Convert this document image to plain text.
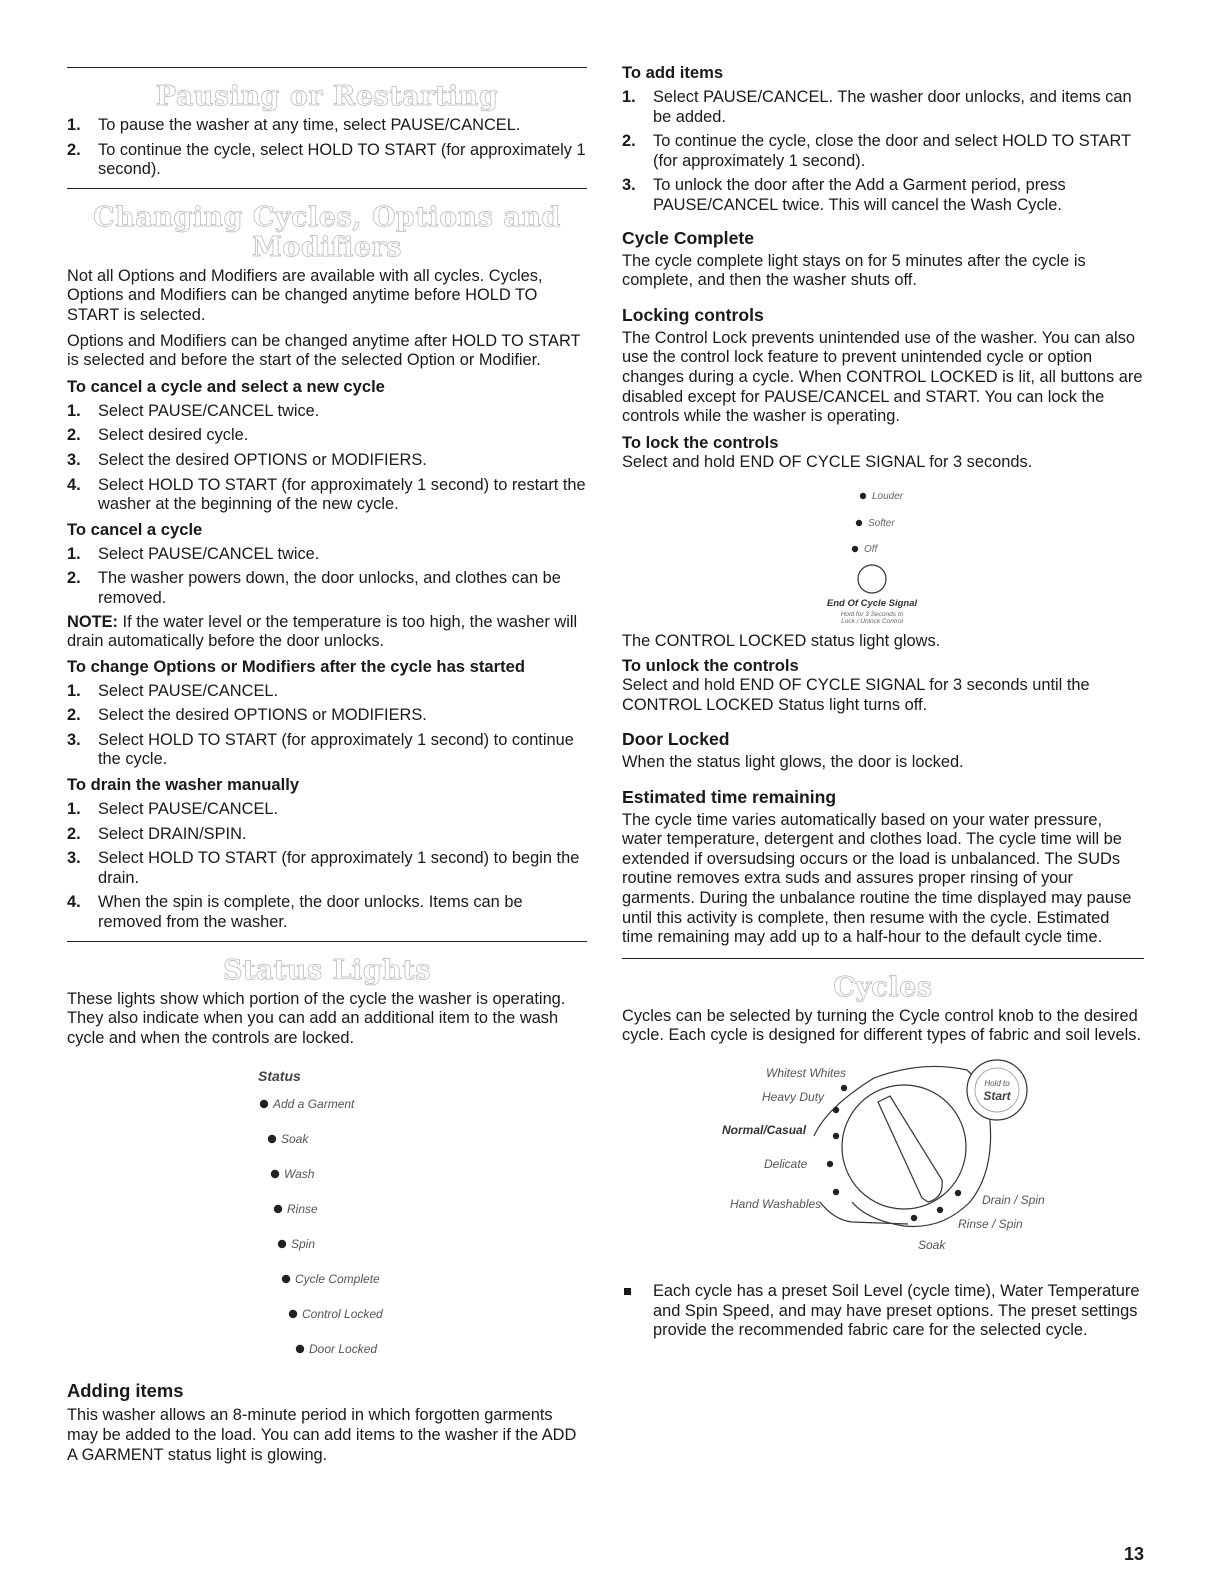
Pausing or Restarting
1. To pause the washer at any time, select PAUSE/CANCEL.
2. To continue the cycle, select HOLD TO START (for approximately 1 second).
Changing Cycles, Options and Modifiers

Not all Options and Modifiers are available with all cycles. Cycles, Options and Modifiers can be changed anytime before HOLD TO START is selected.

Options and Modifiers can be changed anytime after HOLD TO START is selected and before the start of the selected Option or Modifier.

To cancel a cycle and select a new cycle
1. Select PAUSE/CANCEL twice.
2. Select desired cycle.
3. Select the desired OPTIONS or MODIFIERS.
4. Select HOLD TO START (for approximately 1 second) to restart the washer at the beginning of the new cycle.
To cancel a cycle
1. Select PAUSE/CANCEL twice.
2. The washer powers down, the door unlocks, and clothes can be removed.

NOTE: If the water level or the temperature is too high, the washer will drain automatically before the door unlocks.

To change Options or Modifiers after the cycle has started
1. Select PAUSE/CANCEL.
2. Select the desired OPTIONS or MODIFIERS.
3. Select HOLD TO START (for approximately 1 second) to continue the cycle.
To drain the washer manually
1. Select PAUSE/CANCEL.
2. Select DRAIN/SPIN.
3. Select HOLD TO START (for approximately 1 second) to begin the drain.
4. When the spin is complete, the door unlocks. Items can be removed from the washer.
Status Lights

These lights show which portion of the cycle the washer is operating. They also indicate when you can add an additional item to the wash cycle and when the controls are locked.

Status
Add a Garment
Soak
Wash
Rinse
Spin
Cycle Complete
Control Locked
Door Locked
Adding items

This washer allows an 8-minute period in which forgotten garments may be added to the load. You can add items to the washer if the ADD A GARMENT status light is glowing.

To add items
1. Select PAUSE/CANCEL. The washer door unlocks, and items can be added.
2. To continue the cycle, close the door and select HOLD TO START (for approximately 1 second).
3. To unlock the door after the Add a Garment period, press PAUSE/CANCEL twice. This will cancel the Wash Cycle.
Cycle Complete

The cycle complete light stays on for 5 minutes after the cycle is complete, and then the washer shuts off.

Locking controls

The Control Lock prevents unintended use of the washer. You can also use the control lock feature to prevent unintended cycle or option changes during a cycle. When CONTROL LOCKED is lit, all buttons are disabled except for PAUSE/CANCEL and START. You can lock the controls while the washer is operating.

To lock the controls

Select and hold END OF CYCLE SIGNAL for 3 seconds.

Louder
Softer
Off
End Of Cycle Signal
Hold for 3 Seconds to
Lock / Unlock Control

The CONTROL LOCKED status light glows.

To unlock the controls

Select and hold END OF CYCLE SIGNAL for 3 seconds until the CONTROL LOCKED Status light turns off.

Door Locked

When the status light glows, the door is locked.

Estimated time remaining

The cycle time varies automatically based on your water pressure, water temperature, detergent and clothes load. The cycle time will be extended if oversudsing occurs or the load is unbalanced. The SUDs routine removes extra suds and assures proper rinsing of your garments. During the unbalance routine the time displayed may pause until this activity is complete, then resume with the cycle. Estimated time remaining may add up to a half-hour to the default cycle time.

Cycles

Cycles can be selected by turning the Cycle control knob to the desired cycle. Each cycle is designed for different types of fabric and soil levels.

Hold to
Start
Whitest Whites
Heavy Duty
Normal/Casual
Delicate
Hand Washables	Drain / Spin
Rinse / Spin
Soak
Each cycle has a preset Soil Level (cycle time), Water Temperature and Spin Speed, and may have preset options. The preset settings provide the recommended fabric care for the selected cycle.
13
